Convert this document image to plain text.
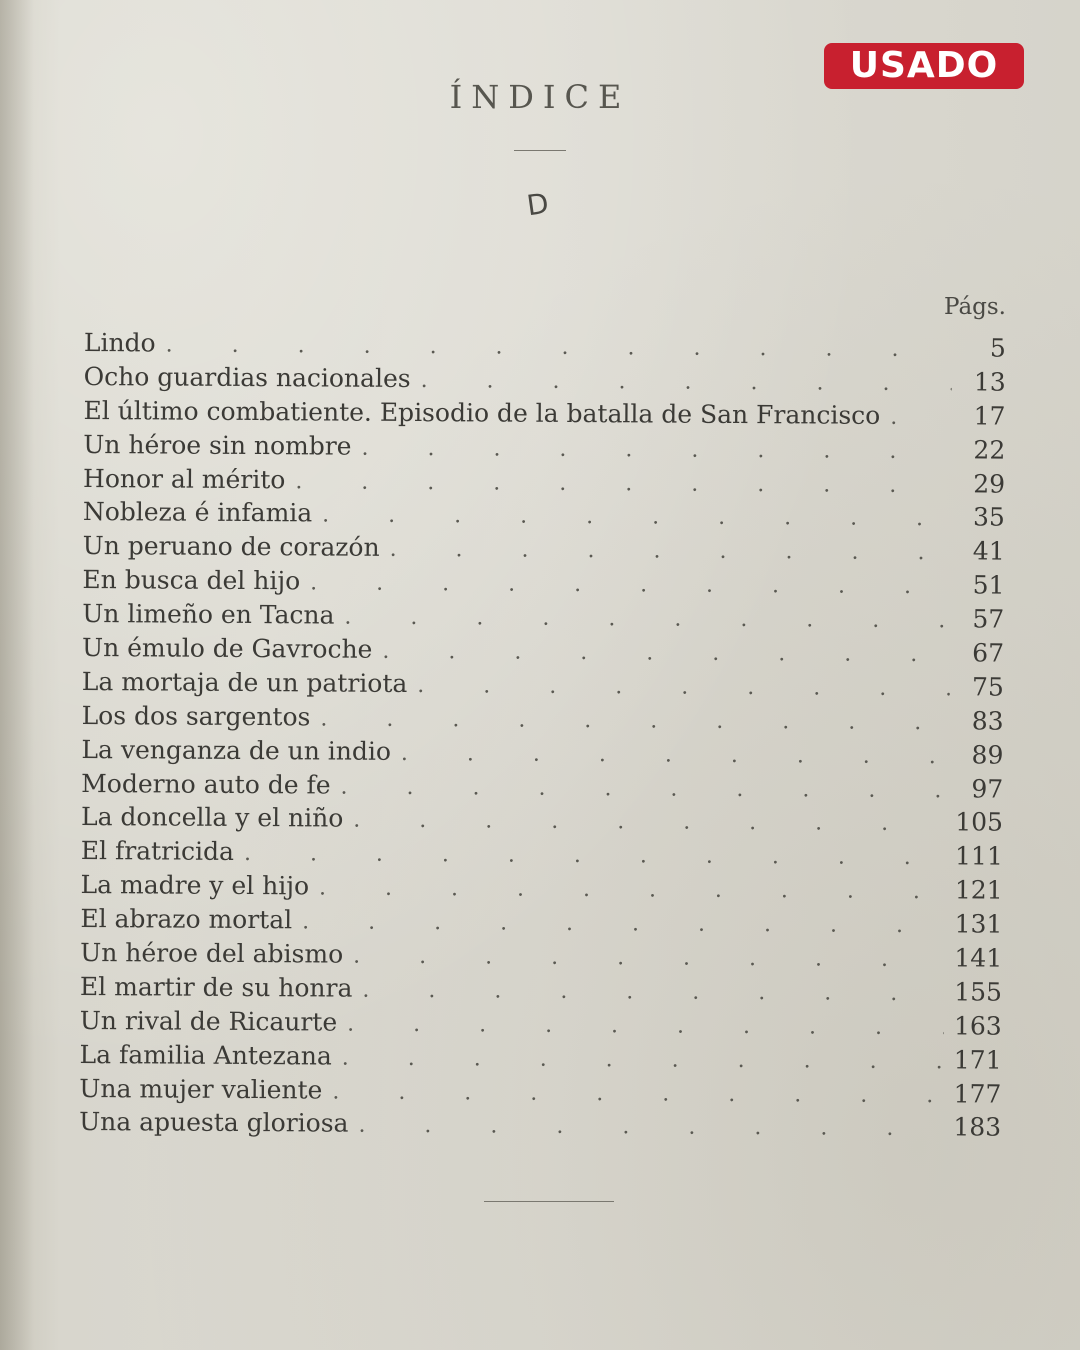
USADO
ÍNDICE
D
Págs.
Lindo . . .	5
Ocho guardias nacionales . . .	13
El último combatiente. Episodio de la batalla de San Francisco . . .	17
Un héroe sin nombre . . .	22
Honor al mérito . . .	29
Nobleza é infamia . . .	35
Un peruano de corazón . . .	41
En busca del hijo . . .	51
Un limeño en Tacna . . .	57
Un émulo de Gavroche . . .	67
La mortaja de un patriota . . .	75
Los dos sargentos . . .	83
La venganza de un indio . . .	89
Moderno auto de fe . . .	97
La doncella y el niño . . .	105
El fratricida . . .	111
La madre y el hijo . . .	121
El abrazo mortal . . .	131
Un héroe del abismo . . .	141
El martir de su honra . . .	155
Un rival de Ricaurte . . .	163
La familia Antezana . . .	171
Una mujer valiente . . .	177
Una apuesta gloriosa . . .	183
